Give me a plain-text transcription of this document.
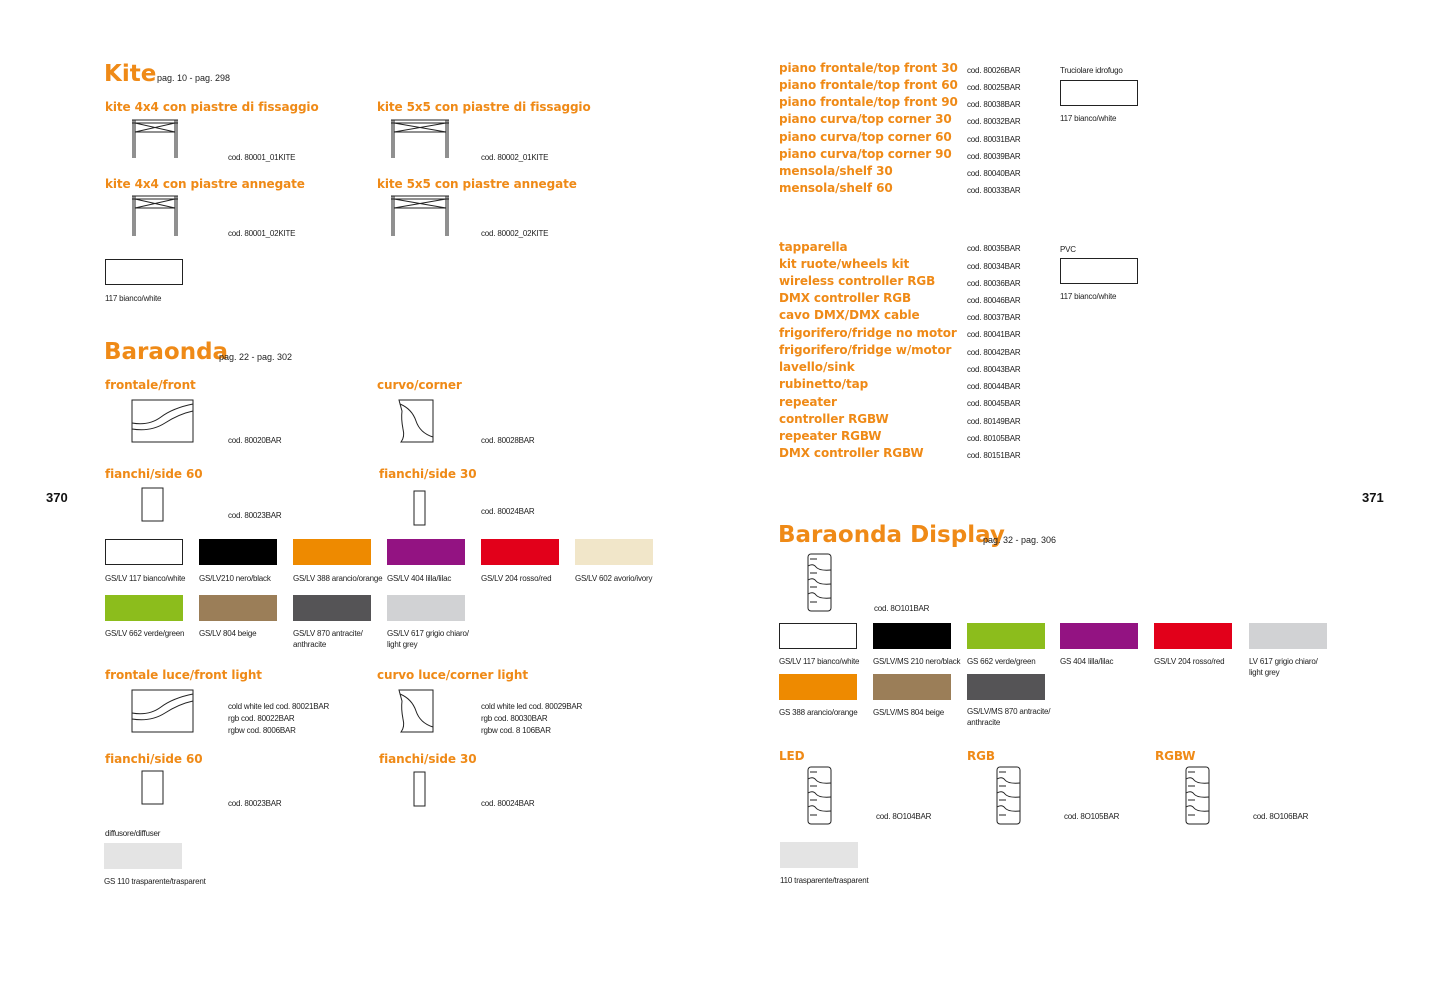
370	371
Kite pag. 10 - pag. 298
kite 4x4 con piastre di fissaggio
cod. 80001_01KITE
kite 5x5 con piastre di fissaggio
cod. 80002_01KITE
kite 4x4 con piastre annegate
cod. 80001_02KITE
kite 5x5 con piastre annegate
cod. 80002_02KITE
117 bianco/white
Baraonda
pag. 22 - pag. 302
frontale/front
cod. 80020BAR
curvo/corner
cod. 80028BAR
fianchi/side 60
cod. 80023BAR
fianchi/side 30
cod. 80024BAR
GS/LV 117 bianco/white GS/LV210 nero/black	GS/LV 388 arancio/orange GS/LV 404 lilla/lilac	GS/LV 204 rosso/red	GS/LV 602 avorio/ivory
GS/LV 662 verde/green GS/LV 804 beige	GS/LV 870 antracite/
anthracite
GS/LV 617 grigio chiaro/
light grey
frontale luce/front light
cold white led cod. 80021BAR
rgb cod. 80022BAR
rgbw cod. 8006BAR
curvo luce/corner light
cold white led cod. 80029BAR
rgb cod. 80030BAR
rgbw cod. 8 106BAR
fianchi/side 60
cod. 80023BAR
fianchi/side 30
cod. 80024BAR
diffusore/diffuser
GS 110 trasparente/trasparent
piano frontale/top front 30 cod. 80026BAR
piano frontale/top front 60 cod. 80025BAR
piano frontale/top front 90 cod. 80038BAR
piano curva/top corner 30 cod. 80032BAR
piano curva/top corner 60 cod. 80031BAR
piano curva/top corner 90 cod. 80039BAR
mensola/shelf 30	cod. 80040BAR
mensola/shelf 60	cod. 80033BAR
Truciolare idrofugo
117 bianco/white
tapparella	cod. 80035BAR
kit ruote/wheels kit	cod. 80034BAR
wireless controller RGB	cod. 80036BAR
DMX controller RGB	cod. 80046BAR
cavo DMX/DMX cable	cod. 80037BAR
frigorifero/fridge no motor cod. 80041BAR
frigorifero/fridge w/motor cod. 80042BAR
lavello/sink	cod. 80043BAR
rubinetto/tap	cod. 80044BAR
repeater	cod. 80045BAR
controller RGBW	cod. 80149BAR
repeater RGBW	cod. 80105BAR
DMX controller RGBW	cod. 80151BAR
PVC
117 bianco/white
Baraonda Display
pag. 32 - pag. 306
cod. 8O101BAR
GS/LV 117 bianco/white GS/LV/MS 210 nero/black GS 662 verde/green	GS 404 lilla/lilac	GS/LV 204 rosso/red	LV 617 grigio chiaro/
light grey
GS 388 arancio/orange GS/LV/MS 804 beige	GS/LV/MS 870 antracite/
anthracite
LED
cod. 8O104BAR
RGB
cod. 8O105BAR
RGBW
cod. 8O106BAR
110 trasparente/trasparent
